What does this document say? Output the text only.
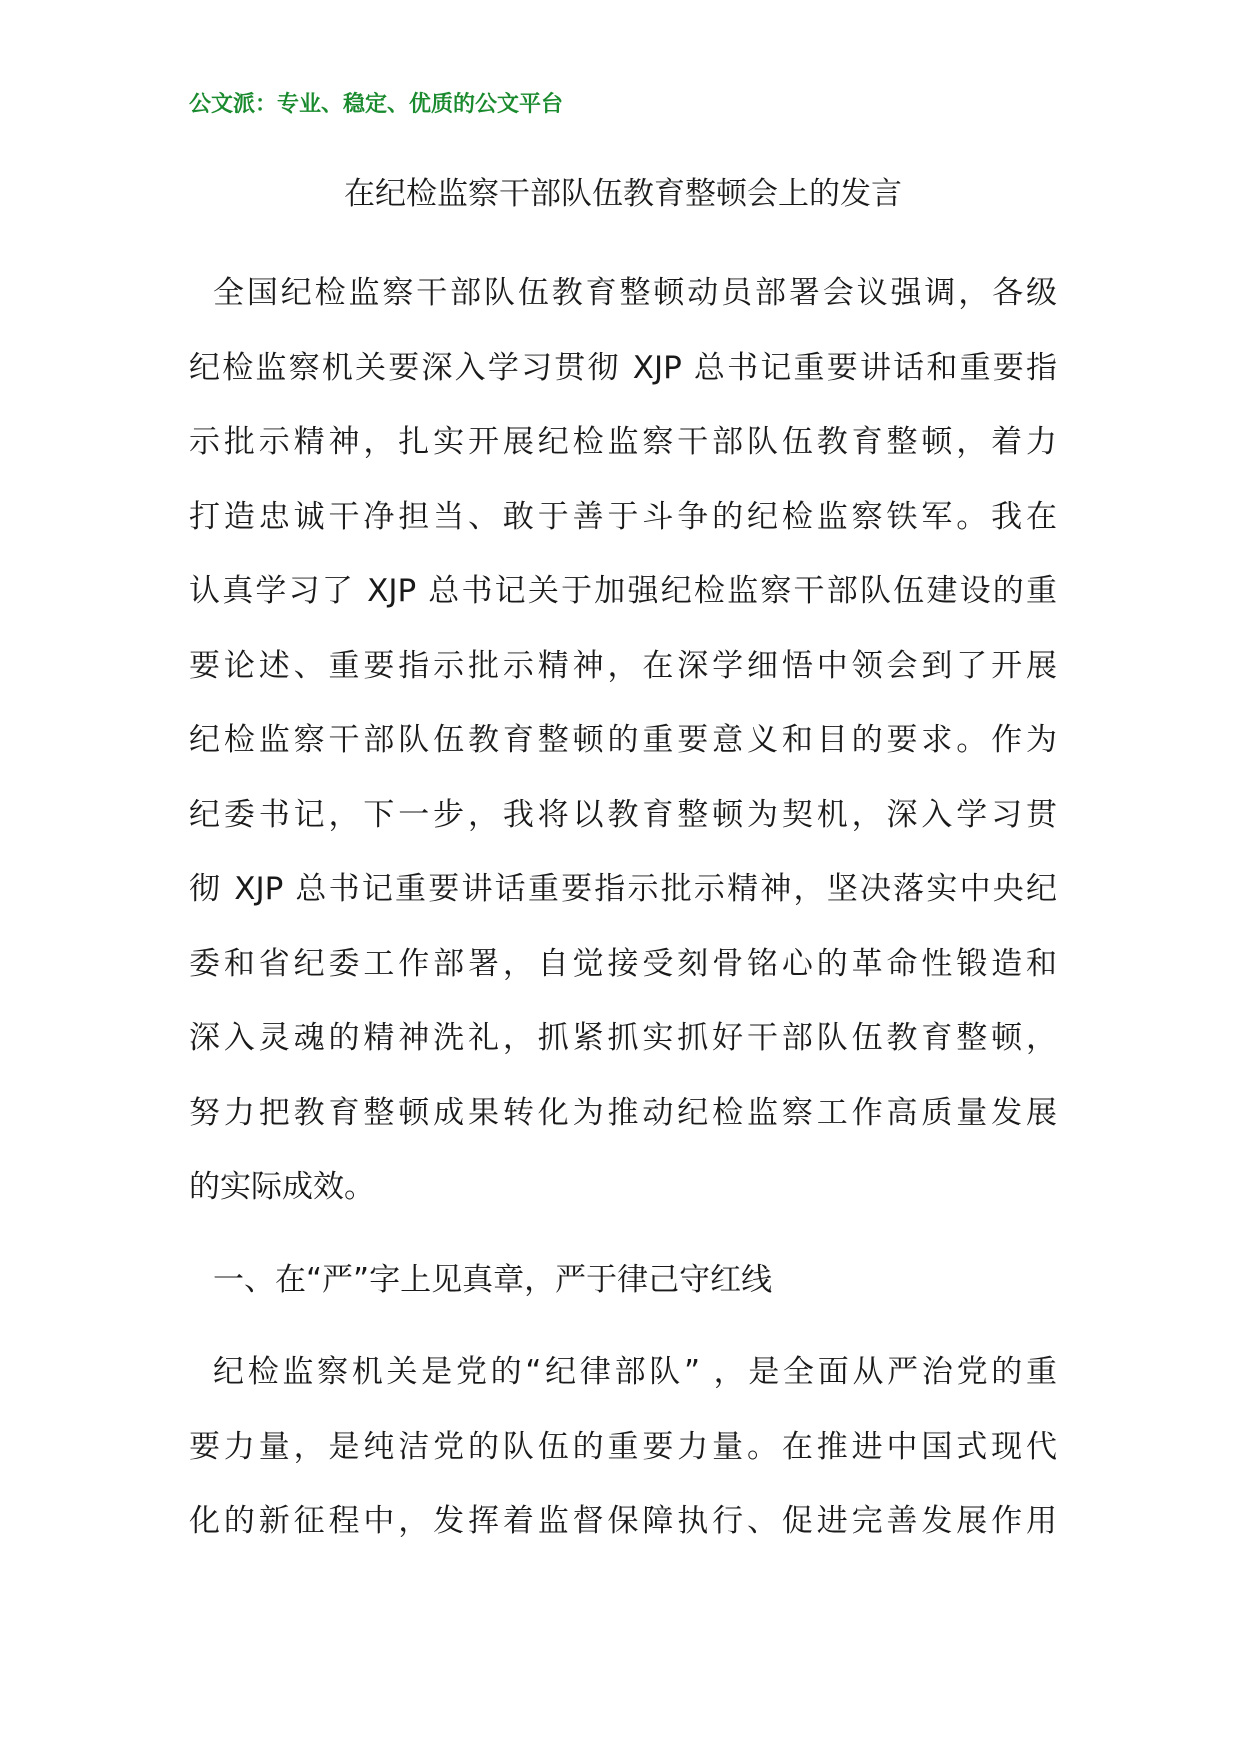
公文派：专业、稳定、优质的公文平台
在纪检监察干部队伍教育整顿会上的发言
全国纪检监察干部队伍教育整顿动员部署会议强调，各级
纪检监察机关要深入学习贯彻 XJP 总书记重要讲话和重要指
示批示精神，扎实开展纪检监察干部队伍教育整顿，着力
打造忠诚干净担当、敢于善于斗争的纪检监察铁军。我在
认真学习了 XJP 总书记关于加强纪检监察干部队伍建设的重
要论述、重要指示批示精神，在深学细悟中领会到了开展
纪检监察干部队伍教育整顿的重要意义和目的要求。作为
纪委书记，下一步，我将以教育整顿为契机，深入学习贯
彻 XJP 总书记重要讲话重要指示批示精神，坚决落实中央纪
委和省纪委工作部署，自觉接受刻骨铭心的革命性锻造和
深入灵魂的精神洗礼，抓紧抓实抓好干部队伍教育整顿，
努力把教育整顿成果转化为推动纪检监察工作高质量发展
的实际成效。
一、在“严”字上见真章，严于律己守红线
纪检监察机关是党的“纪律部队” ，是全面从严治党的重
要力量，是纯洁党的队伍的重要力量。在推进中国式现代
化的新征程中，发挥着监督保障执行、促进完善发展作用
